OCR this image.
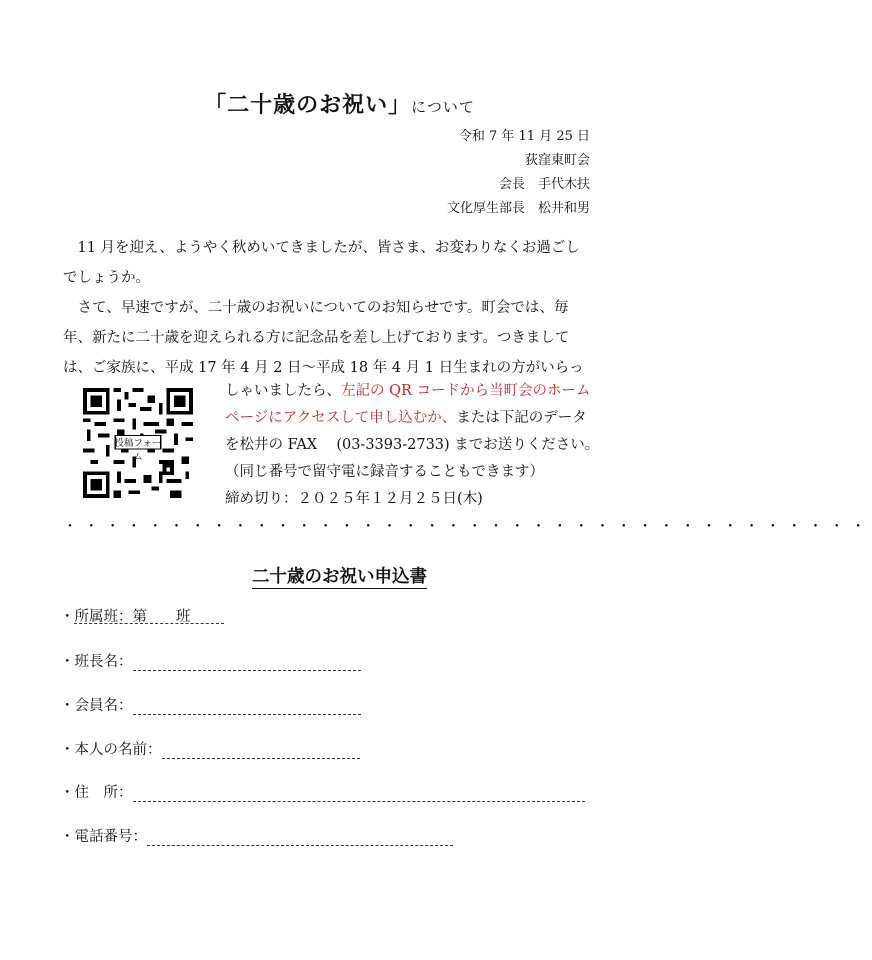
「二十歳のお祝い」について
令和 7 年 11 月 25 日
荻窪東町会
会長　手代木扶
文化厚生部長　松井和男
11 月を迎え、ようやく秋めいてきましたが、皆さま、お変わりなくお過ごし
でしょうか。
さて、早速ですが、二十歳のお祝いについてのお知らせです。町会では、毎
年、新たに二十歳を迎えられる方に記念品を差し上げております。つきまして
は、ご家族に、平成 17 年 4 月 2 日～平成 18 年 4 月 1 日生まれの方がいらっ
投稿フォーム
しゃいましたら、左記の QR コードから当町会のホーム
ページにアクセスして申し込むか、または下記のデータ
を松井の FAX　 (03-3393-2733) までお送りください。
（同じ番号で留守電に録音することもできます）
締め切り：２０２５年１２月２５日(木)
・・・・・・・・・・・・・・・・・・・・・・・・・・・・・・・・・・・・・・
二十歳のお祝い申込書
・所属班：第　　班
・班長名：
・会員名：
・本人の名前：
・住　所：
・電話番号：
